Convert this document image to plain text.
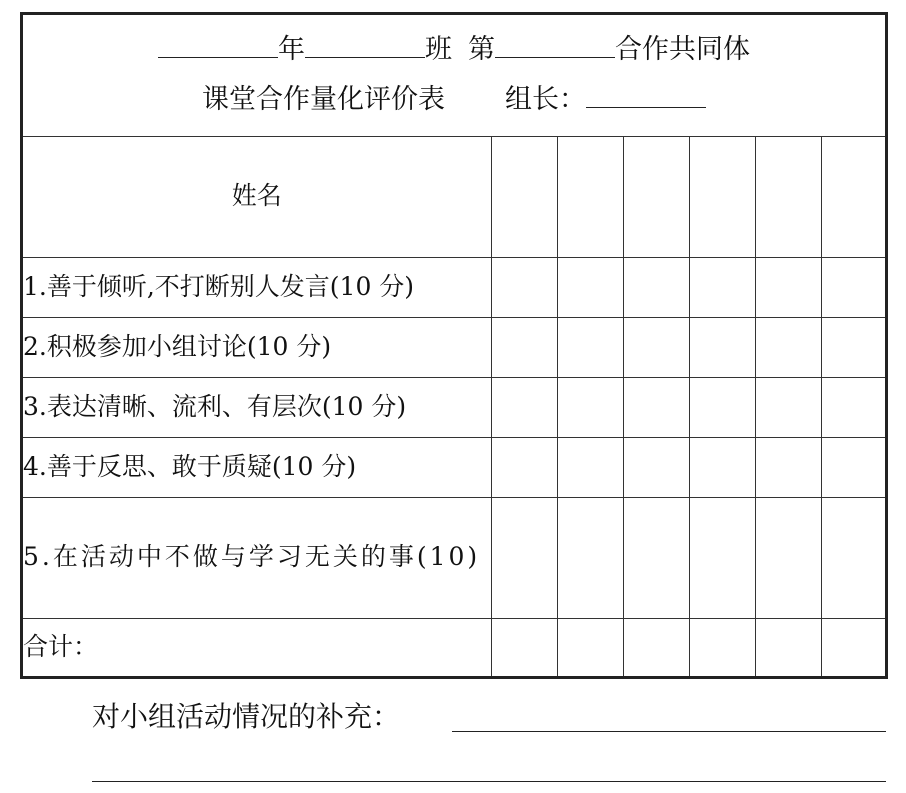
年 班 第 合作共同体
课堂合作量化评价表 组长：						

姓名						
1.善于倾听,不打断别人发言(10 分)						
2.积极参加小组讨论(10 分)						
3.表达清晰、流利、有层次(10 分)						
4.善于反思、敢于质疑(10 分)						
5.在活动中不做与学习无关的事(10)						
合计：						
对小组活动情况的补充：
